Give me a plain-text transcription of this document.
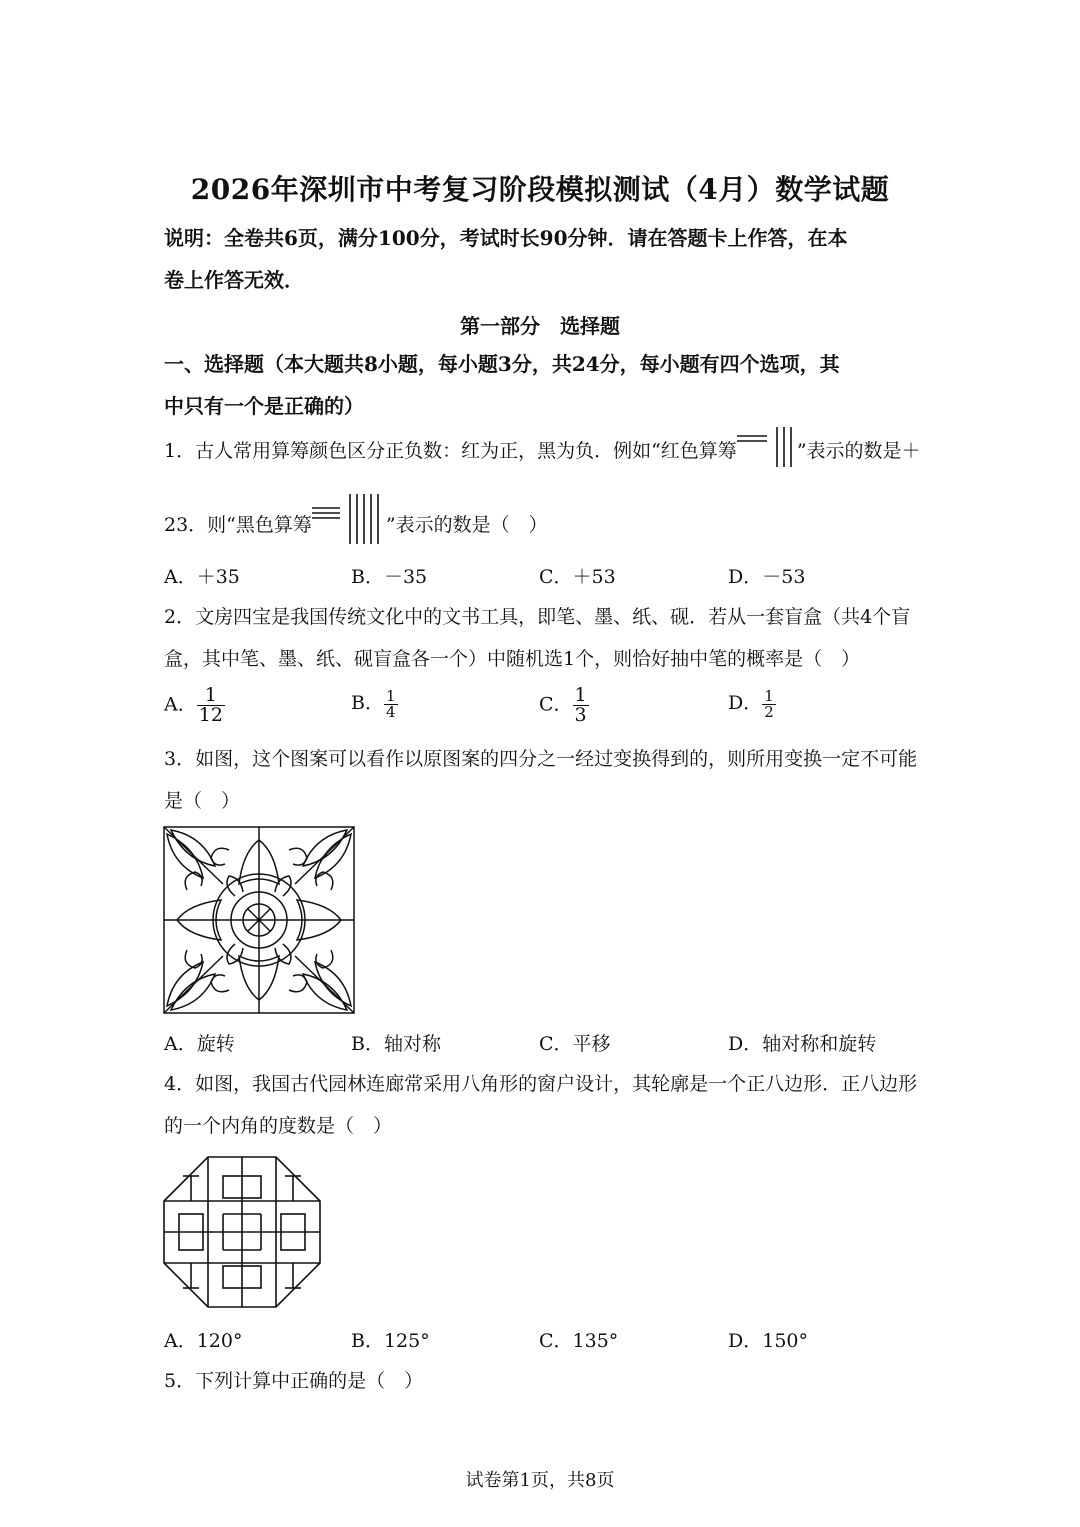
2026年深圳市中考复习阶段模拟测试（4月）数学试题
说明：全卷共6页，满分100分，考试时长90分钟．请在答题卡上作答，在本
卷上作答无效．
第一部分　选择题
一、选择题（本大题共8小题，每小题3分，共24分，每小题有四个选项，其
中只有一个是正确的）
1．古人常用算筹颜色区分正负数：红为正，黑为负．例如“红色算筹	”表示的数是＋
23．则“黑色算筹	”表示的数是（　）
A．＋35	B．－35	C．＋53	D．－53
2．文房四宝是我国传统文化中的文书工具，即笔、墨、纸、砚．若从一套盲盒（共4个盲
盒，其中笔、墨、纸、砚盲盒各一个）中随机选1个，则恰好抽中笔的概率是（　）
A． $\frac{1}{12}$	B． $\frac{1}{4}$	C． $\frac{1}{3}$	D． $\frac{1}{2}$
3．如图，这个图案可以看作以原图案的四分之一经过变换得到的，则所用变换一定不可能
是（　）
A．旋转	B．轴对称	C．平移	D．轴对称和旋转
4．如图，我国古代园林连廊常采用八角形的窗户设计，其轮廓是一个正八边形．正八边形
的一个内角的度数是（　）
A．120°	B．125°	C．135°	D．150°
5．下列计算中正确的是（　）
试卷第1页，共8页
